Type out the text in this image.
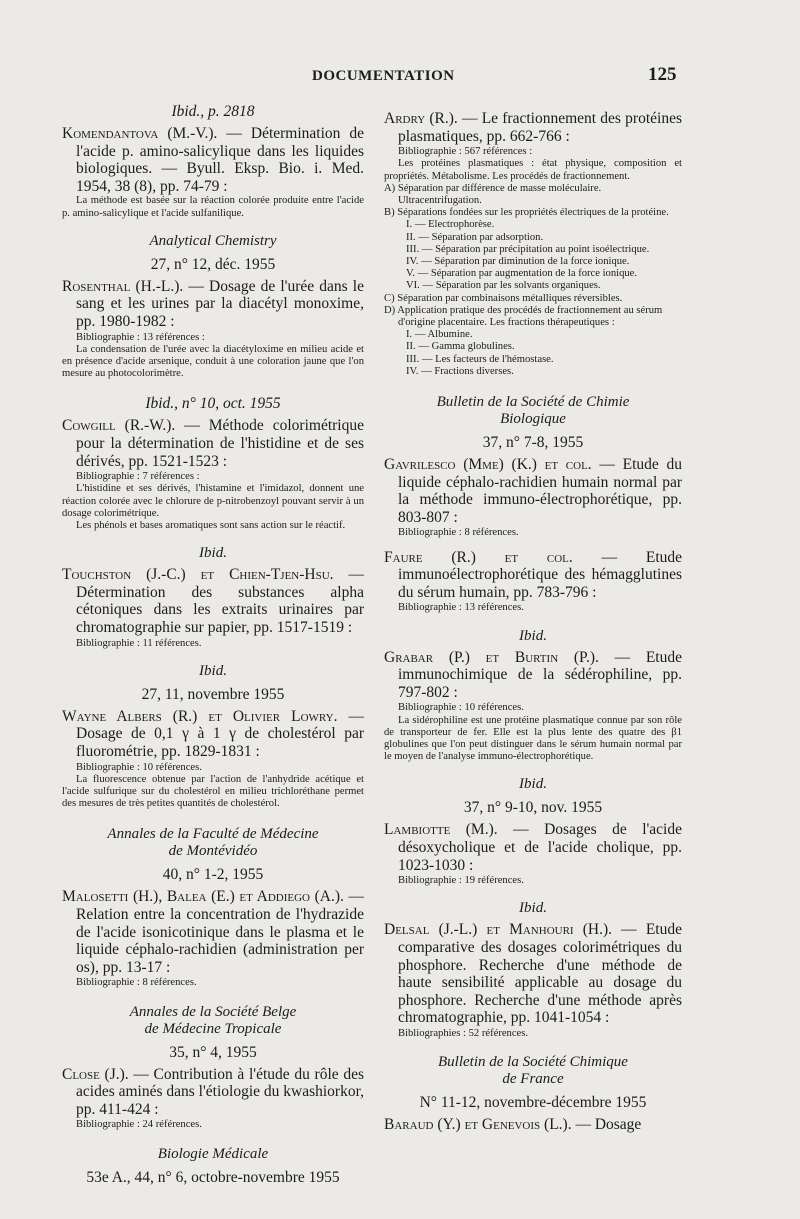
DOCUMENTATION	125
Ibid., p. 2818
Komendantova (M.-V.). — Détermination de l'acide p. amino-salicylique dans les liquides biologiques. — Byull. Eksp. Bio. i. Med. 1954, 38 (8), pp. 74-79 :
La méthode est basée sur la réaction colorée produite entre l'acide p. amino-salicylique et l'acide sulfanilique.
Analytical Chemistry
27, n° 12, déc. 1955
Rosenthal (H.-L.). — Dosage de l'urée dans le sang et les urines par la diacétyl monoxime, pp. 1980-1982 :
Bibliographie : 13 références :
La condensation de l'urée avec la diacétyloxime en milieu acide et en présence d'acide arsenique, conduit à une coloration jaune que l'on mesure au photocolorimètre.
Ibid., n° 10, oct. 1955
Cowgill (R.-W.). — Méthode colorimétrique pour la détermination de l'histidine et de ses dérivés, pp. 1521-1523 :
Bibliographie : 7 références :
L'histidine et ses dérivés, l'histamine et l'imidazol, donnent une réaction colorée avec le chlorure de p-nitrobenzoyl pouvant servir à un dosage colorimétrique.
Les phénols et bases aromatiques sont sans action sur le réactif.
Ibid.
Touchston (J.-C.) et Chien-Tjen-Hsu. — Détermination des substances alpha cétoniques dans les extraits urinaires par chromatographie sur papier, pp. 1517-1519 :
Bibliographie : 11 références.
Ibid.
27, 11, novembre 1955
Wayne Albers (R.) et Olivier Lowry. — Dosage de 0,1 γ à 1 γ de cholestérol par fluorométrie, pp. 1829-1831 :
Bibliographie : 10 références.
La fluorescence obtenue par l'action de l'anhydride acétique et l'acide sulfurique sur du cholestérol en milieu trichloréthane permet des mesures de très petites quantités de cholestérol.
Annales de la Faculté de Médecine
de Montévidéo
40, n° 1-2, 1955
Malosetti (H.), Balea (E.) et Addiego (A.). —Relation entre la concentration de l'hydrazide de l'acide isonicotinique dans le plasma et le liquide céphalo-rachidien (administration per os), pp. 13-17 :
Bibliographie : 8 références.
Annales de la Société Belge
de Médecine Tropicale
35, n° 4, 1955
Close (J.). — Contribution à l'étude du rôle des acides aminés dans l'étiologie du kwashiorkor, pp. 411-424 :
Bibliographie : 24 références.
Biologie Médicale
53e A., 44, n° 6, octobre-novembre 1955
Ardry (R.). — Le fractionnement des protéines plasmatiques, pp. 662-766 :
Bibliographie : 567 références :
Les protéines plasmatiques : état physique, composition et propriétés. Métabolisme. Les procédés de fractionnement.
A) Séparation par différence de masse moléculaire. Ultracentrifugation.
B) Séparations fondées sur les propriétés électriques de la protéine.
I. — Electrophorèse.
II. — Séparation par adsorption.
III. — Séparation par précipitation au point isoélectrique.
IV. — Séparation par diminution de la force ionique.
V. — Séparation par augmentation de la force ionique.
VI. — Séparation par les solvants organiques.
C) Séparation par combinaisons métalliques réversibles.
D) Application pratique des procédés de fractionnement au sérum d'origine placentaire. Les fractions thérapeutiques :
I. — Albumine.
II. — Gamma globulines.
III. — Les facteurs de l'hémostase.
IV. — Fractions diverses.
Bulletin de la Société de Chimie
Biologique
37, n° 7-8, 1955
Gavrilesco (Mme) (K.) et col. — Etude du liquide céphalo-rachidien humain normal par la méthode immuno-électrophorétique, pp. 803-807 :
Bibliographie : 8 références.
Faure (R.) et col. — Etude immunoélectrophorétique des hémagglutines du sérum humain, pp. 783-796 :
Bibliographie : 13 références.
Ibid.
Grabar (P.) et Burtin (P.). — Etude immunochimique de la sédérophiline, pp. 797-802 :
Bibliographie : 10 références.
La sidérophiline est une protéine plasmatique connue par son rôle de transporteur de fer. Elle est la plus lente des quatre des β1 globulines que l'on peut distinguer dans le sérum humain normal par le moyen de l'analyse immuno-électrophorétique.
Ibid.
37, n° 9-10, nov. 1955
Lambiotte (M.). — Dosages de l'acide désoxycholique et de l'acide cholique, pp. 1023-1030 :
Bibliographie : 19 références.
Ibid.
Delsal (J.-L.) et Manhouri (H.). — Etude comparative des dosages colorimétriques du phosphore. Recherche d'une méthode de haute sensibilité applicable au dosage du phosphore. Recherche d'une méthode après chromatographie, pp. 1041-1054 :
Bibliographies : 52 références.
Bulletin de la Société Chimique
de France
N° 11-12, novembre-décembre 1955
Baraud (Y.) et Genevois (L.). — Dosage
